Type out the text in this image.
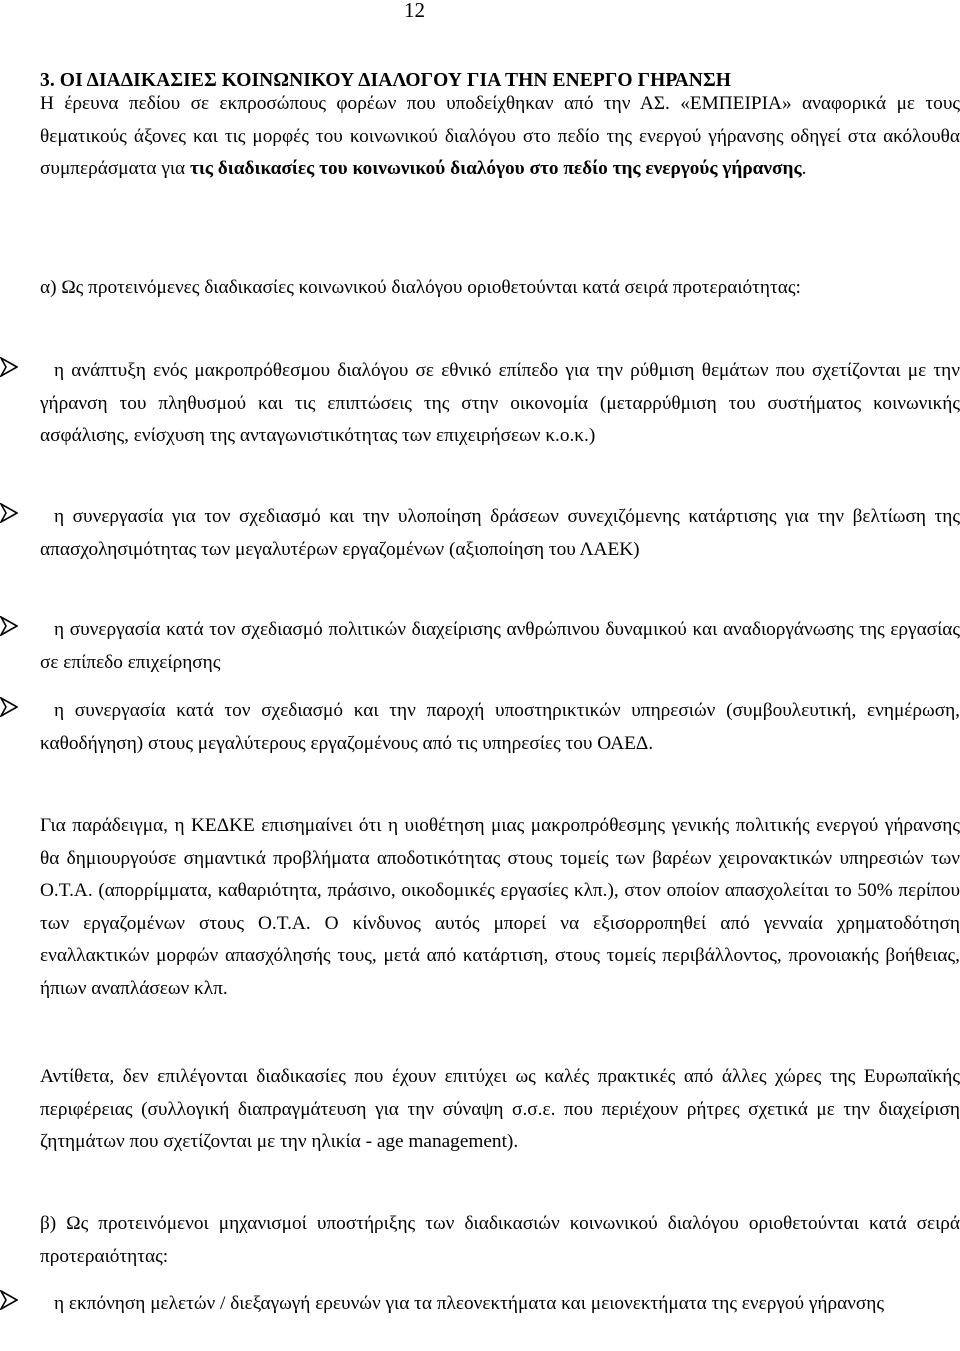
12
3. ΟΙ ΔΙΑΔΙΚΑΣΙΕΣ ΚΟΙΝΩΝΙΚΟΥ ΔΙΑΛΟΓΟΥ ΓΙΑ ΤΗΝ ΕΝΕΡΓΟ ΓΗΡΑΝΣΗ

Η έρευνα πεδίου σε εκπροσώπους φορέων που υποδείχθηκαν από την ΑΣ. «ΕΜΠΕΙΡΙΑ» αναφορικά με τους θεματικούς άξονες και τις μορφές του κοινωνικού διαλόγου στο πεδίο της ενεργού γήρανσης οδηγεί στα ακόλουθα συμπεράσματα για τις διαδικασίες του κοινωνικού διαλόγου στο πεδίο της ενεργούς γήρανσης.

α) Ως προτεινόμενες διαδικασίες κοινωνικού διαλόγου οριοθετούνται κατά σειρά προτεραιότητας:

η ανάπτυξη ενός μακροπρόθεσμου διαλόγου σε εθνικό επίπεδο για την ρύθμιση θεμάτων που σχετίζονται με την γήρανση του πληθυσμού και τις επιπτώσεις της στην οικονομία (μεταρρύθμιση του συστήματος κοινωνικής ασφάλισης, ενίσχυση της ανταγωνιστικότητας των επιχειρήσεων κ.ο.κ.)

η συνεργασία για τον σχεδιασμό και την υλοποίηση δράσεων συνεχιζόμενης κατάρτισης για την βελτίωση της απασχολησιμότητας των μεγαλυτέρων εργαζομένων (αξιοποίηση του ΛΑΕΚ)

η συνεργασία κατά τον σχεδιασμό πολιτικών διαχείρισης ανθρώπινου δυναμικού και αναδιοργάνωσης της εργασίας σε επίπεδο επιχείρησης

η συνεργασία κατά τον σχεδιασμό και την παροχή υποστηρικτικών υπηρεσιών (συμβουλευτική, ενημέρωση, καθοδήγηση) στους μεγαλύτερους εργαζομένους από τις υπηρεσίες του ΟΑΕΔ.

Για παράδειγμα, η ΚΕΔΚΕ επισημαίνει ότι η υιοθέτηση μιας μακροπρόθεσμης γενικής πολιτικής ενεργού γήρανσης θα δημιουργούσε σημαντικά προβλήματα αποδοτικότητας στους τομείς των βαρέων χειρονακτικών υπηρεσιών των Ο.Τ.Α. (απορρίμματα, καθαριότητα, πράσινο, οικοδομικές εργασίες κλπ.), στον οποίον απασχολείται το 50% περίπου των εργαζομένων στους Ο.Τ.Α. Ο κίνδυνος αυτός μπορεί να εξισορροπηθεί από γενναία χρηματοδότηση εναλλακτικών μορφών απασχόλησής τους, μετά από κατάρτιση, στους τομείς περιβάλλοντος, προνοιακής βοήθειας, ήπιων αναπλάσεων κλπ.

Αντίθετα, δεν επιλέγονται διαδικασίες που έχουν επιτύχει ως καλές πρακτικές από άλλες χώρες της Ευρωπαϊκής περιφέρειας (συλλογική διαπραγμάτευση για την σύναψη σ.σ.ε. που περιέχουν ρήτρες σχετικά με την διαχείριση ζητημάτων που σχετίζονται με την ηλικία - age management).

β) Ως προτεινόμενοι μηχανισμοί υποστήριξης των διαδικασιών κοινωνικού διαλόγου οριοθετούνται κατά σειρά προτεραιότητας:

η εκπόνηση μελετών / διεξαγωγή ερευνών για τα πλεονεκτήματα και μειονεκτήματα της ενεργού γήρανσης
